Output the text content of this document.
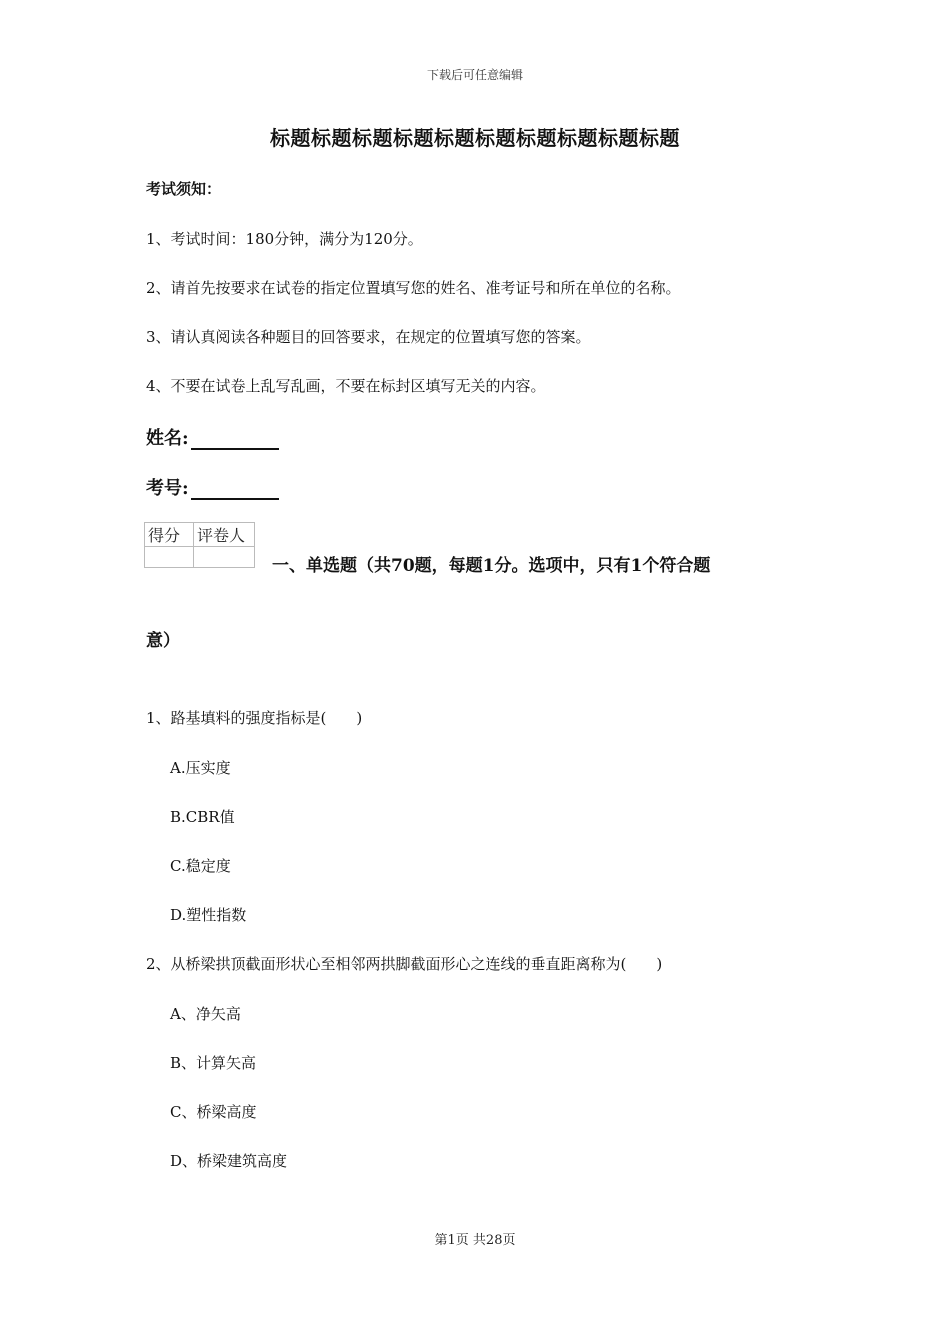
下载后可任意编辑
标题标题标题标题标题标题标题标题标题标题
考试须知：
1、考试时间：180分钟，满分为120分。
2、请首先按要求在试卷的指定位置填写您的姓名、准考证号和所在单位的名称。
3、请认真阅读各种题目的回答要求，在规定的位置填写您的答案。
4、不要在试卷上乱写乱画，不要在标封区填写无关的内容。
姓名:
考号:
得分	评卷人

一、单选题（共70题，每题1分。选项中，只有1个符合题
意）
1、路基填料的强度指标是(　　)
A.压实度
B.CBR值
C.稳定度
D.塑性指数
2、从桥梁拱顶截面形状心至相邻两拱脚截面形心之连线的垂直距离称为(　　)
A、净矢高
B、计算矢高
C、桥梁高度
D、桥梁建筑高度
第1页 共28页
